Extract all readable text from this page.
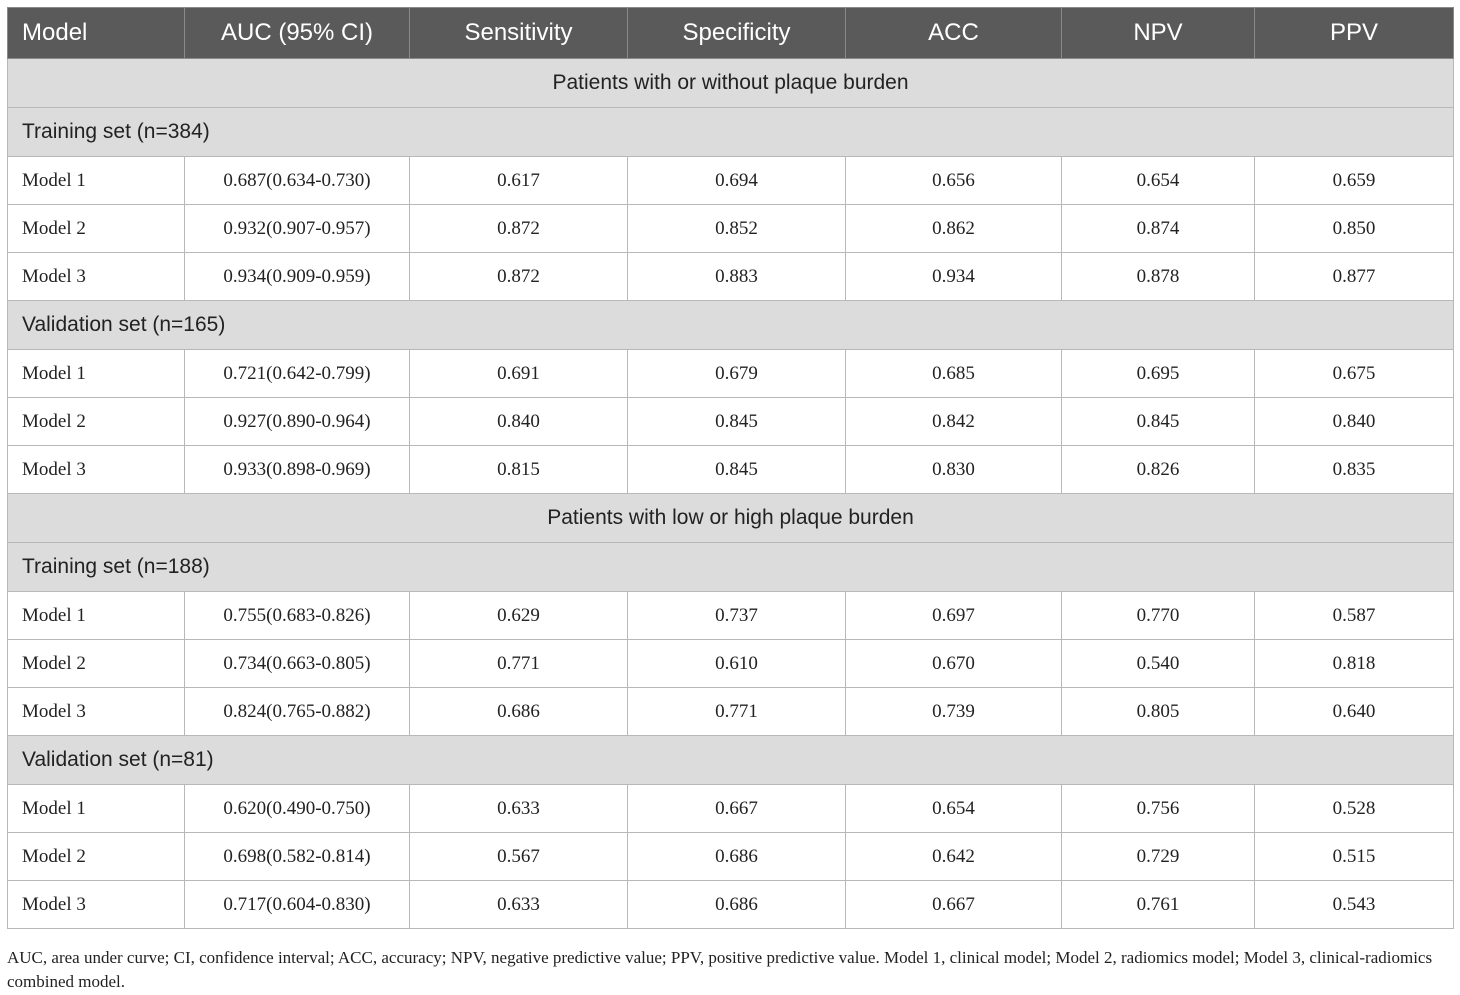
Model	AUC (95% CI)	Sensitivity	Specificity	ACC	NPV	PPV
Patients with or without plaque burden						
Training set (n=384)						
Model 1	0.687(0.634-0.730)	0.617	0.694	0.656	0.654	0.659
Model 2	0.932(0.907-0.957)	0.872	0.852	0.862	0.874	0.850
Model 3	0.934(0.909-0.959)	0.872	0.883	0.934	0.878	0.877
Validation set (n=165)						
Model 1	0.721(0.642-0.799)	0.691	0.679	0.685	0.695	0.675
Model 2	0.927(0.890-0.964)	0.840	0.845	0.842	0.845	0.840
Model 3	0.933(0.898-0.969)	0.815	0.845	0.830	0.826	0.835
Patients with low or high plaque burden						
Training set (n=188)						
Model 1	0.755(0.683-0.826)	0.629	0.737	0.697	0.770	0.587
Model 2	0.734(0.663-0.805)	0.771	0.610	0.670	0.540	0.818
Model 3	0.824(0.765-0.882)	0.686	0.771	0.739	0.805	0.640
Validation set (n=81)						
Model 1	0.620(0.490-0.750)	0.633	0.667	0.654	0.756	0.528
Model 2	0.698(0.582-0.814)	0.567	0.686	0.642	0.729	0.515
Model 3	0.717(0.604-0.830)	0.633	0.686	0.667	0.761	0.543
AUC, area under curve; CI, confidence interval; ACC, accuracy; NPV, negative predictive value; PPV, positive predictive value. Model 1, clinical model; Model 2, radiomics model; Model 3, clinical-radiomics combined model.
